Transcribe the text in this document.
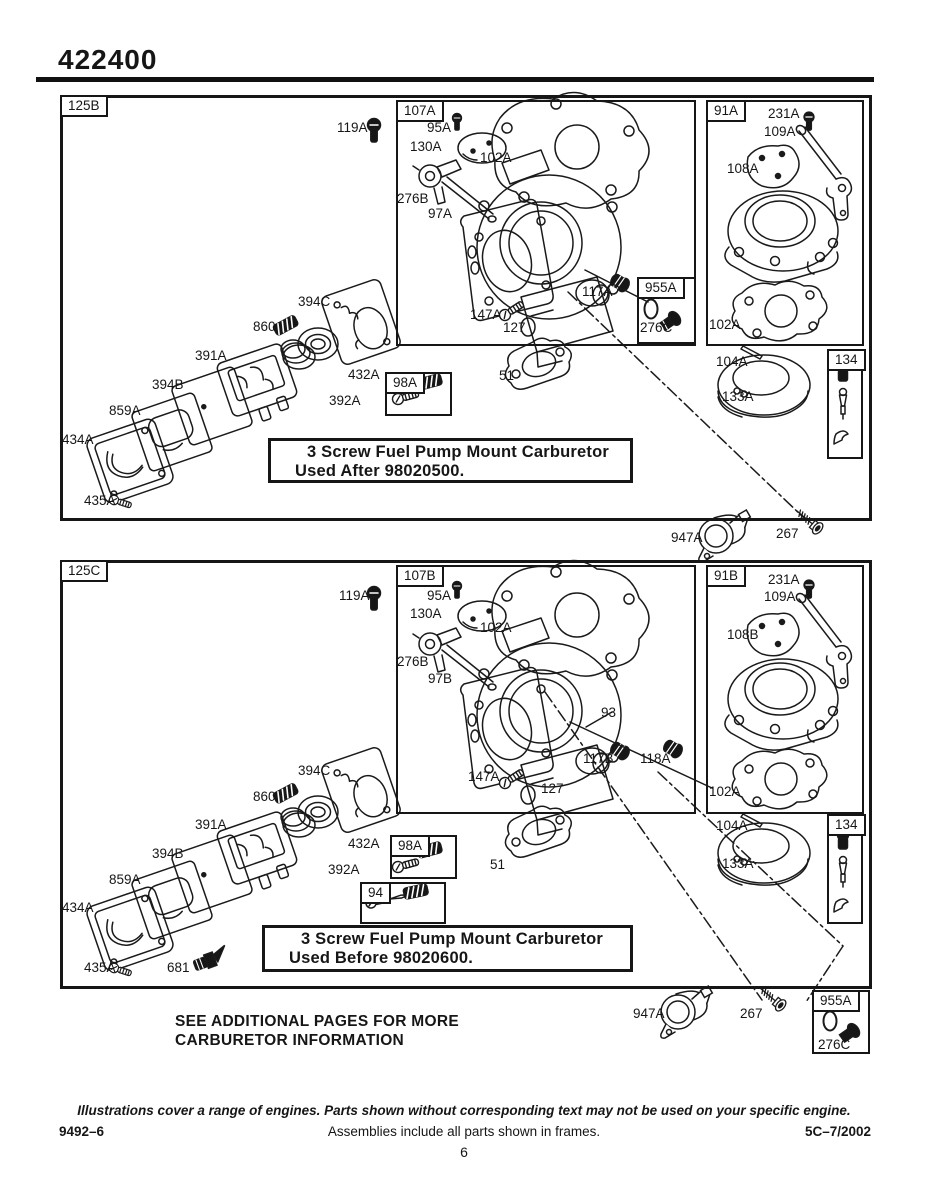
422400
SEE ADDITIONAL PAGES FOR MORE
CARBURETOR INFORMATION
Illustrations cover a range of engines. Parts shown without corresponding text may not be used on your specific engine.
9492–6	Assemblies include all parts shown in frames.	5C–7/2002
6
125B	107A	91A
955A
134
98A
119A	95A
130A
102A
276B
97A
117A
147A
127	276C
231A
109A
108A
102A
104A
133A
51
394C
860
391A
394B
859A
434A
435A
432A
392A
3 Screw Fuel Pump Mount Carburetor
Used After 98020500.
125C	107B	91B
134
98A
94
119A	95A
130A
102A
276B
97B
93
117B 118A
147A
127
231A
109A
108B
102A
104A
133A
51
394C
860
391A
394B
859A
434A
435A	681
432A
392A
3 Screw Fuel Pump Mount Carburetor
Used Before 98020600.
955A
947A	267
947A	267
276C
